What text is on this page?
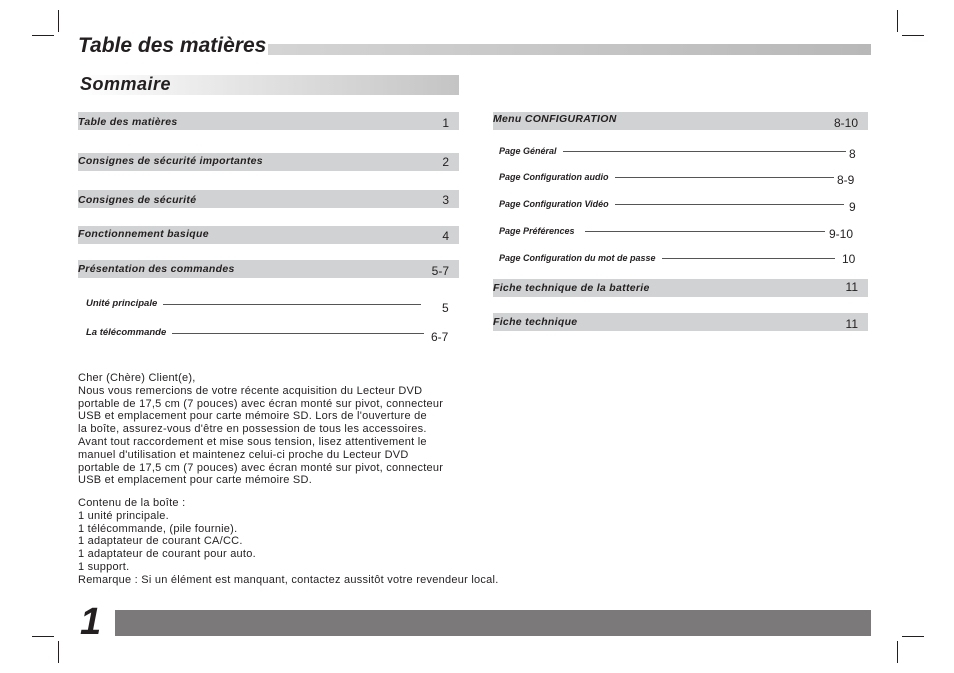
Table des matières
Sommaire
Table des matières	1
Consignes de sécurité importantes	2
Consignes de sécurité	3
Fonctionnement basique	4
Présentation des commandes	5-7
Unité principale	5
La télécommande	6-7
Menu CONFIGURATION	8-10
Page Général	8
Page Configuration audio	8-9
Page Configuration Vidéo	9
Page Préférences	9-10
Page Configuration du mot de passe	10
Fiche technique de la batterie	11
Fiche technique	11
Cher (Chère) Client(e),
Nous vous remercions de votre récente acquisition du Lecteur DVD
portable de 17,5 cm (7 pouces) avec écran monté sur pivot, connecteur
USB et emplacement pour carte mémoire SD. Lors de l'ouverture de
la boîte, assurez-vous d'être en possession de tous les accessoires.
Avant tout raccordement et mise sous tension, lisez attentivement le
manuel d'utilisation et maintenez celui-ci proche du Lecteur DVD
portable de 17,5 cm (7 pouces) avec écran monté sur pivot, connecteur
USB et emplacement pour carte mémoire SD.
Contenu de la boîte :
1 unité principale.
1 télécommande, (pile fournie).
1 adaptateur de courant CA/CC.
1 adaptateur de courant pour auto.
1 support.
Remarque : Si un élément est manquant, contactez aussitôt votre revendeur local.
1
